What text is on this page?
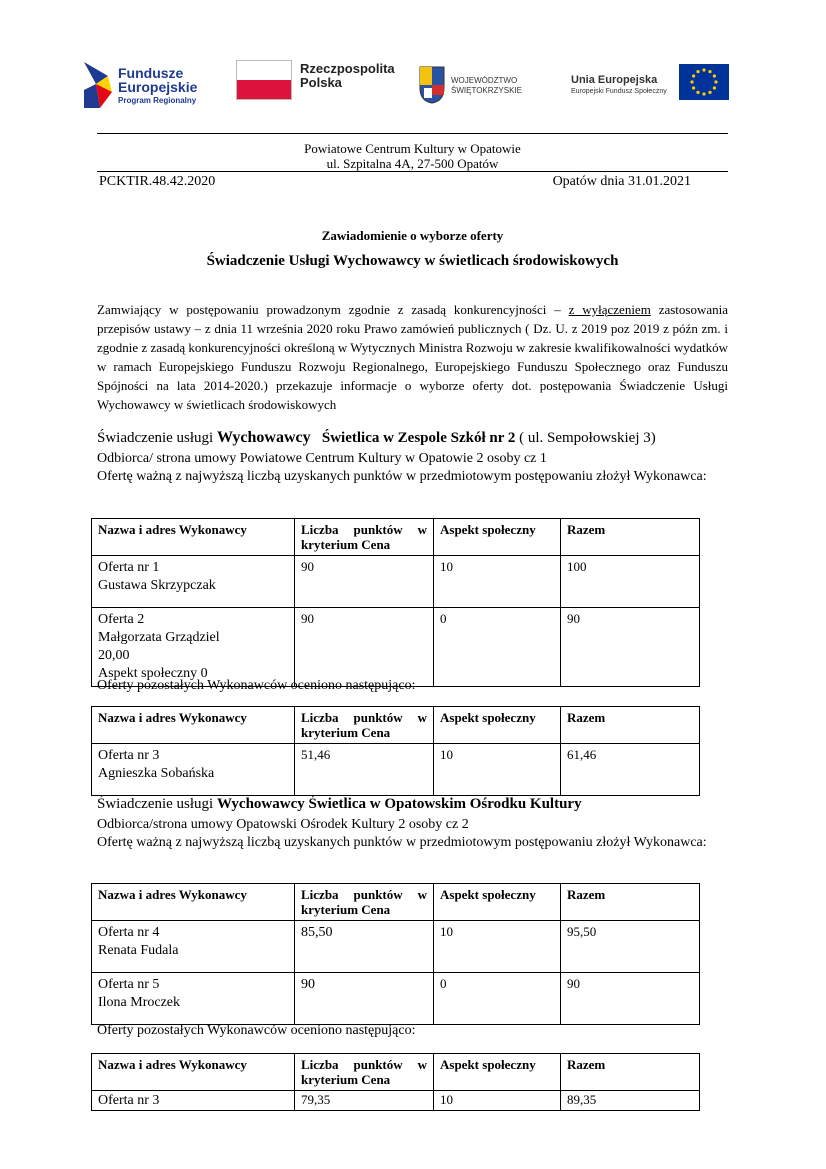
Fundusze
Europejskie
Program Regionalny
Rzeczpospolita
Polska	WOJEWÓDZTWO
ŚWIĘTOKRZYSKIE
Unia Europejska
Europejski Fundusz Społeczny
Powiatowe Centrum Kultury w Opatowie
ul. Szpitalna 4A, 27-500 Opatów
PCKTIR.48.42.2020	Opatów dnia 31.01.2021
Zawiadomienie o wyborze oferty
Świadczenie Usługi Wychowawcy w świetlicach środowiskowych
Zamwiający w postępowaniu prowadzonym zgodnie z zasadą konkurencyjności – z wyłączeniem zastosowania przepisów ustawy – z dnia 11 września 2020 roku Prawo zamówień publicznych ( Dz. U. z 2019 poz 2019 z późn zm. i zgodnie z zasadą konkurencyjności określoną w Wytycznych Ministra Rozwoju w zakresie kwalifikowalności wydatków w ramach Europejskiego Funduszu Rozwoju Regionalnego, Europejskiego Funduszu Społecznego oraz Funduszu Spójności na lata 2014-2020.) przekazuje informacje o wyborze oferty dot. postępowania Świadczenie Usługi Wychowawcy w świetlicach środowiskowych
Świadczenie usługi Wychowawcy Świetlica w Zespole Szkół nr 2 ( ul. Sempołowskiej 3)
Odbiorca/ strona umowy Powiatowe Centrum Kultury w Opatowie 2 osoby cz 1
Ofertę ważną z najwyższą liczbą uzyskanych punktów w przedmiotowym postępowaniu złożył Wykonawca:
Nazwa i adres Wykonawcy	Liczba punktów w kryterium Cena	Aspekt społeczny	Razem

Oferta nr 1
Gustawa Skrzypczak	90	10	100

Oferta 2
Małgorzata Grządziel
20,00
Aspekt społeczny 0	90	0	90
Oferty pozostałych Wykonawców oceniono następująco:
Nazwa i adres Wykonawcy	Liczba punktów w kryterium Cena	Aspekt społeczny	Razem

Oferta nr 3
Agnieszka Sobańska	51,46	10	61,46
Świadczenie usługi Wychowawcy Świetlica w Opatowskim Ośrodku Kultury
Odbiorca/strona umowy Opatowski Ośrodek Kultury 2 osoby cz 2
Ofertę ważną z najwyższą liczbą uzyskanych punktów w przedmiotowym postępowaniu złożył Wykonawca:
Nazwa i adres Wykonawcy	Liczba punktów w kryterium Cena	Aspekt społeczny	Razem

Oferta nr 4
Renata Fudala	85,50	10	95,50

Oferta nr 5
Ilona Mroczek	90	0	90
Oferty pozostałych Wykonawców oceniono następująco:
Nazwa i adres Wykonawcy	Liczba punktów w kryterium Cena	Aspekt społeczny	Razem
Oferta nr 3	79,35	10	89,35
